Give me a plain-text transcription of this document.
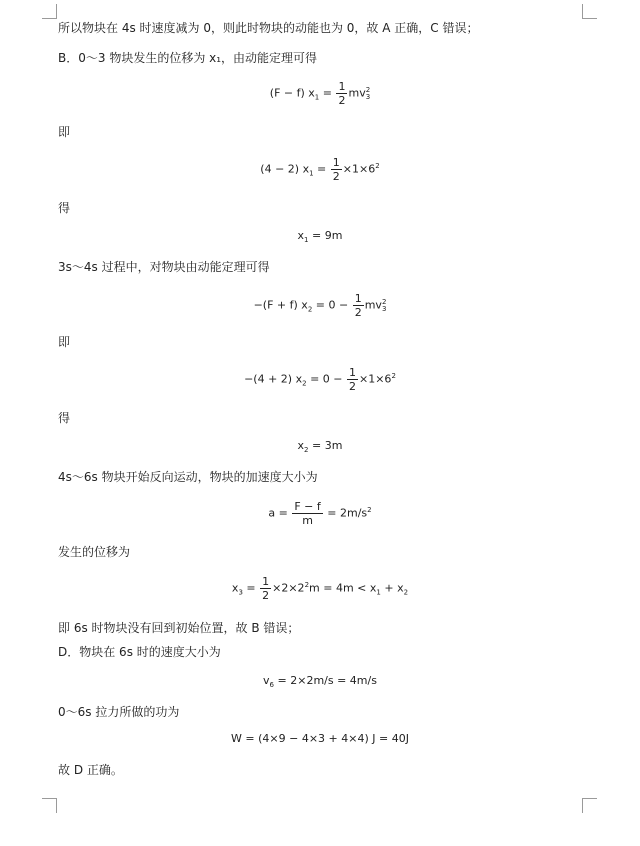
所以物块在 4s 时速度减为 0，则此时物块的动能也为 0，故 A 正确，C 错误；
B．0～3 物块发生的位移为 x₁，由动能定理可得
(F − f) $x_1 = \frac{1}{2}$ mv 2
3
即
(4 − 2) $x_1 = \frac{1}{2} \times 1\times 6^2$
得
$x_1 = 9m$
3s～4s 过程中，对物块由动能定理可得
−(F + f) $x_2 = 0 - \frac{1}{2}$ mv 2
3
即
−(4 + 2) $x_2 = 0 - \frac{1}{2} \times 1\times 6^2$
得
$x_2 = 3m$
4s～6s 物块开始反向运动，物块的加速度大小为
$a = \frac{F - f}{m} = 2m/s^2$
发生的位移为
$x_3 = \frac{1}{2} \times 2\times 2^2m = 4m < x_1 + x_2$
即 6s 时物块没有回到初始位置，故 B 错误；
D．物块在 6s 时的速度大小为
$v_6 = 2\times 2m/s = 4m/s$
0～6s 拉力所做的功为
W = (4×9 − 4×3 + 4×4) J = 40J
故 D 正确。
